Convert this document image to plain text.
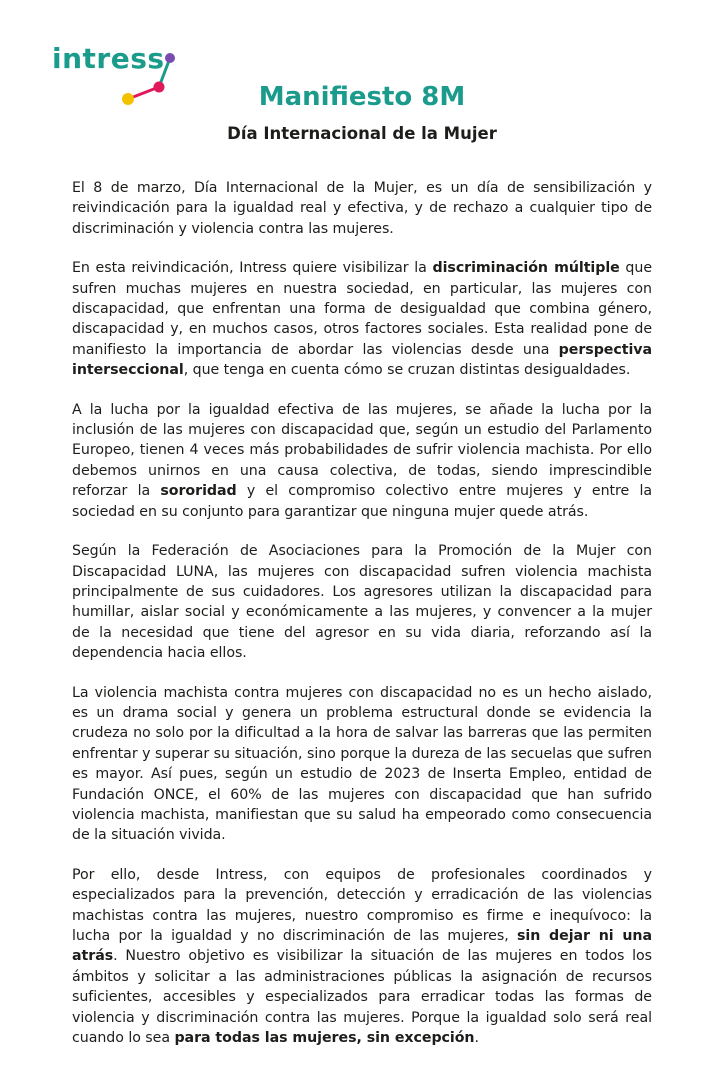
intress
Manifiesto 8M
Día Internacional de la Mujer

El 8 de marzo, Día Internacional de la Mujer, es un día de sensibilización y reivindicación para la igualdad real y efectiva, y de rechazo a cualquier tipo de discriminación y violencia contra las mujeres.

En esta reivindicación, Intress quiere visibilizar la discriminación múltiple que sufren muchas mujeres en nuestra sociedad, en particular, las mujeres con discapacidad, que enfrentan una forma de desigualdad que combina género, discapacidad y, en muchos casos, otros factores sociales. Esta realidad pone de manifiesto la importancia de abordar las violencias desde una perspectiva interseccional, que tenga en cuenta cómo se cruzan distintas desigualdades.

A la lucha por la igualdad efectiva de las mujeres, se añade la lucha por la inclusión de las mujeres con discapacidad que, según un estudio del Parlamento Europeo, tienen 4 veces más probabilidades de sufrir violencia machista. Por ello debemos unirnos en una causa colectiva, de todas, siendo imprescindible reforzar la sororidad y el compromiso colectivo entre mujeres y entre la sociedad en su conjunto para garantizar que ninguna mujer quede atrás.

Según la Federación de Asociaciones para la Promoción de la Mujer con Discapacidad LUNA, las mujeres con discapacidad sufren violencia machista principalmente de sus cuidadores. Los agresores utilizan la discapacidad para humillar, aislar social y económicamente a las mujeres, y convencer a la mujer de la necesidad que tiene del agresor en su vida diaria, reforzando así la dependencia hacia ellos.

La violencia machista contra mujeres con discapacidad no es un hecho aislado, es un drama social y genera un problema estructural donde se evidencia la crudeza no solo por la dificultad a la hora de salvar las barreras que las permiten enfrentar y superar su situación, sino porque la dureza de las secuelas que sufren es mayor. Así pues, según un estudio de 2023 de Inserta Empleo, entidad de Fundación ONCE, el 60% de las mujeres con discapacidad que han sufrido violencia machista, manifiestan que su salud ha empeorado como consecuencia de la situación vivida.

Por ello, desde Intress, con equipos de profesionales coordinados y especializados para la prevención, detección y erradicación de las violencias machistas contra las mujeres, nuestro compromiso es firme e inequívoco: la lucha por la igualdad y no discriminación de las mujeres, sin dejar ni una atrás. Nuestro objetivo es visibilizar la situación de las mujeres en todos los ámbitos y solicitar a las administraciones públicas la asignación de recursos suficientes, accesibles y especializados para erradicar todas las formas de violencia y discriminación contra las mujeres. Porque la igualdad solo será real cuando lo sea para todas las mujeres, sin excepción.
